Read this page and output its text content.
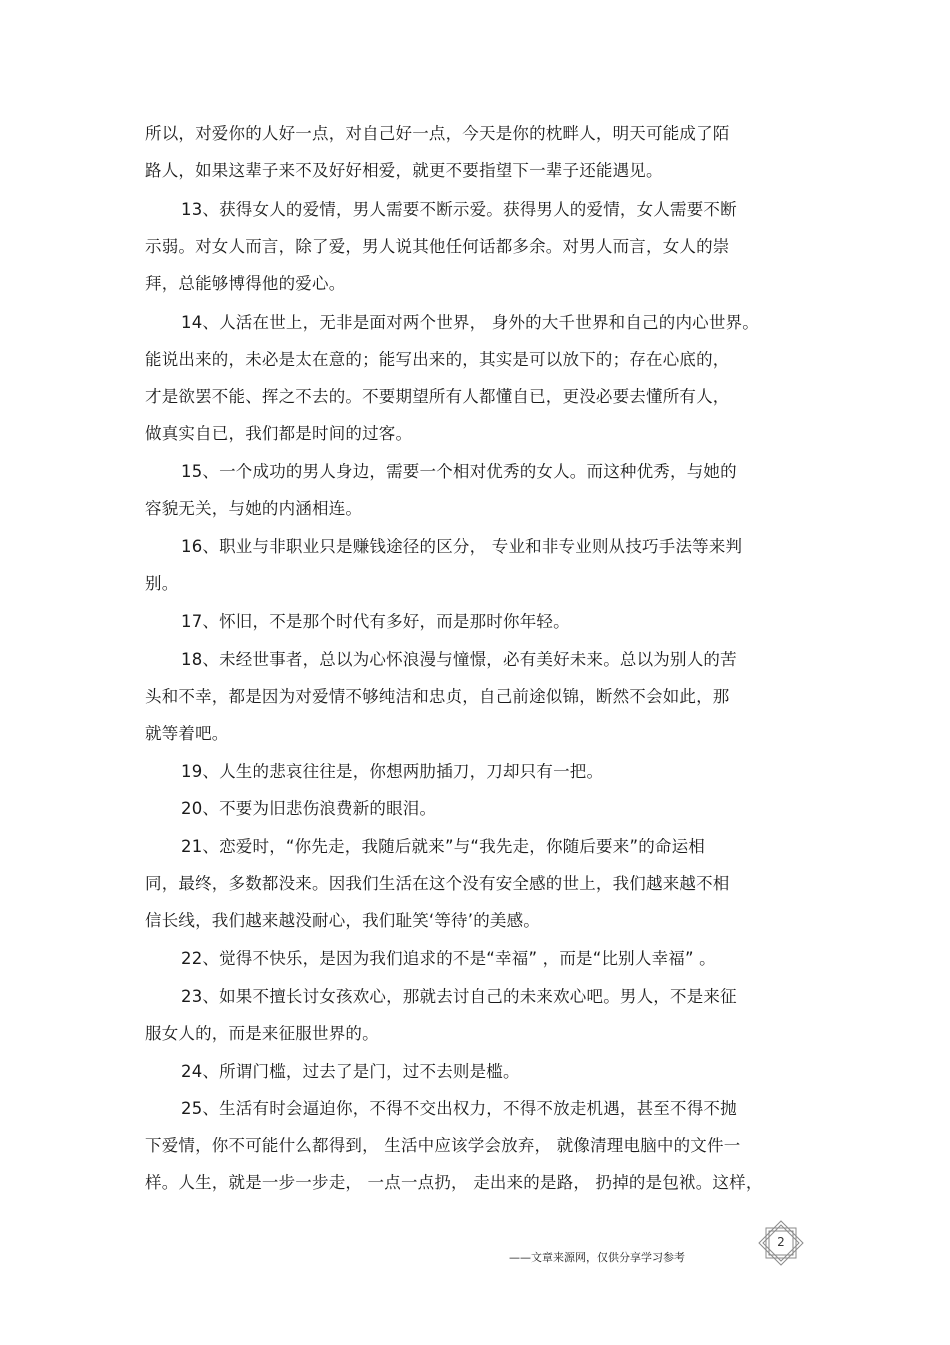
所以，对爱你的人好一点，对自己好一点，今天是你的枕畔人，明天可能成了陌
路人，如果这辈子来不及好好相爱，就更不要指望下一辈子还能遇见。
13、获得女人的爱情，男人需要不断示爱。获得男人的爱情，女人需要不断
示弱。对女人而言，除了爱，男人说其他任何话都多余。对男人而言，女人的崇
拜，总能够博得他的爱心。
14、人活在世上，无非是面对两个世界， 身外的大千世界和自己的内心世界。
能说出来的，未必是太在意的；能写出来的，其实是可以放下的；存在心底的，
才是欲罢不能、挥之不去的。不要期望所有人都懂自已，更没必要去懂所有人，
做真实自已，我们都是时间的过客。
15、一个成功的男人身边，需要一个相对优秀的女人。而这种优秀，与她的
容貌无关，与她的内涵相连。
16、职业与非职业只是赚钱途径的区分， 专业和非专业则从技巧手法等来判
别。
17、怀旧，不是那个时代有多好，而是那时你年轻。
18、未经世事者，总以为心怀浪漫与憧憬，必有美好未来。总以为别人的苦
头和不幸，都是因为对爱情不够纯洁和忠贞，自己前途似锦，断然不会如此，那
就等着吧。
19、人生的悲哀往往是，你想两肋插刀，刀却只有一把。
20、不要为旧悲伤浪费新的眼泪。
21、恋爱时，“你先走，我随后就来”与“我先走，你随后要来”的命运相
同，最终，多数都没来。因我们生活在这个没有安全感的世上，我们越来越不相
信长线，我们越来越没耐心，我们耻笑‘等待’的美感。
22、觉得不快乐，是因为我们追求的不是“幸福” ，而是“比别人幸福” 。
23、如果不擅长讨女孩欢心，那就去讨自己的未来欢心吧。男人，不是来征
服女人的，而是来征服世界的。
24、所谓门槛，过去了是门，过不去则是槛。
25、生活有时会逼迫你，不得不交出权力，不得不放走机遇，甚至不得不抛
下爱情，你不可能什么都得到， 生活中应该学会放弃， 就像清理电脑中的文件一
样。人生，就是一步一步走， 一点一点扔， 走出来的是路， 扔掉的是包袱。这样，
——文章来源网，仅供分享学习参考
2
